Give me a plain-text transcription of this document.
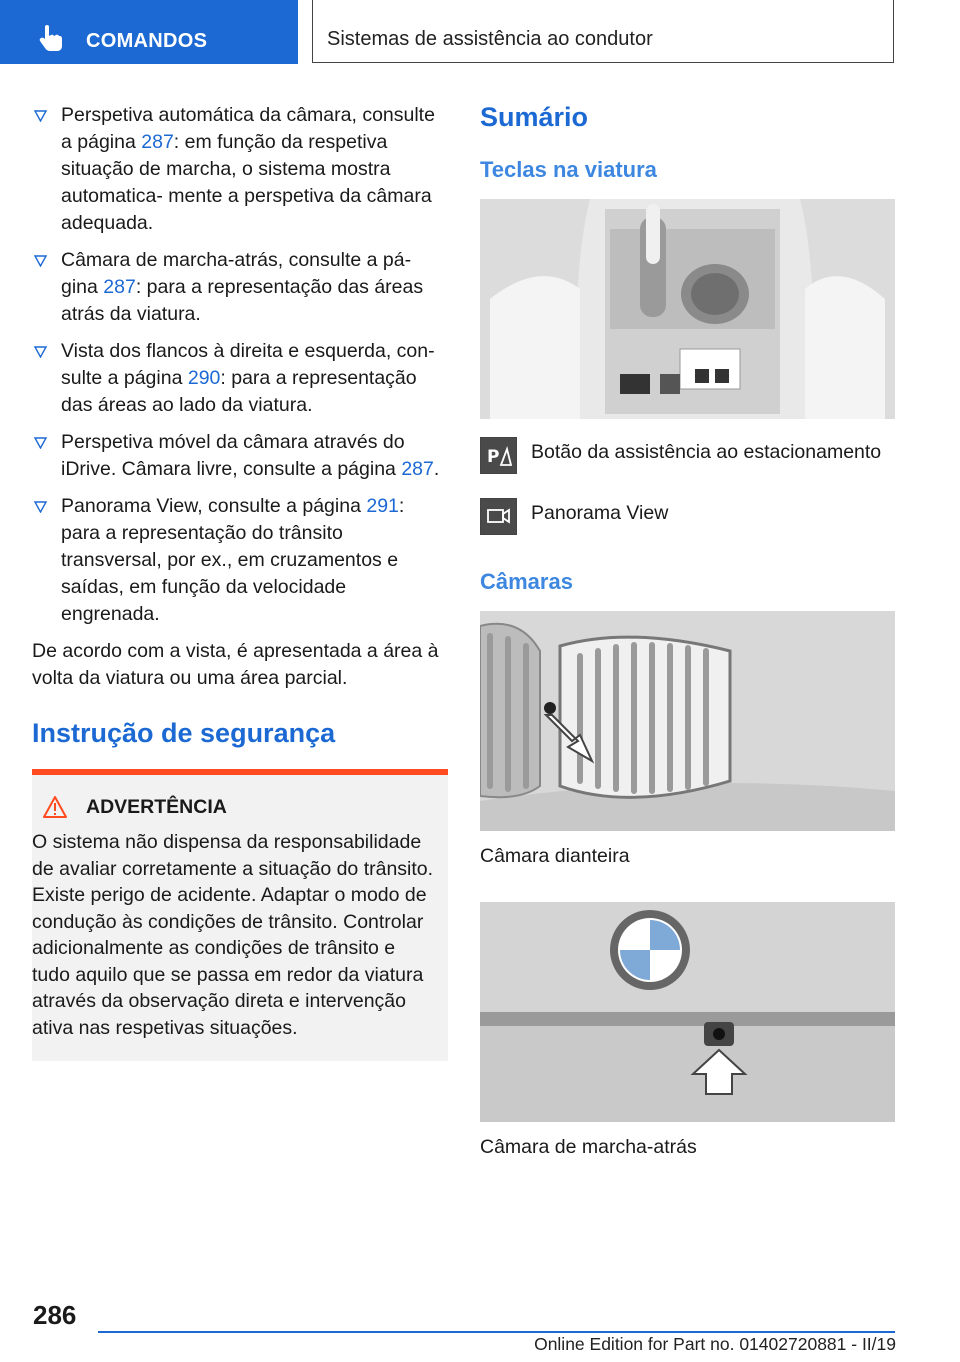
COMANDOS	Sistemas de assistência ao condutor
Perspetiva automática da câmara, consulte a página 287: em função da respetiva situação de marcha, o sistema mostra automatica‐ mente a perspetiva da câmara adequada.
Câmara de marcha-atrás, consulte a pá‐ gina 287: para a representação das áreas atrás da viatura.
Vista dos flancos à direita e esquerda, con‐ sulte a página 290: para a representação das áreas ao lado da viatura.
Perspetiva móvel da câmara através do iDrive. Câmara livre, consulte a página 287.
Panorama View, consulte a página 291: para a representação do trânsito transversal, por ex., em cruzamentos e saídas, em função da velocidade engrenada.
De acordo com a vista, é apresentada a área à volta da viatura ou uma área parcial.
Instrução de segurança
ADVERTÊNCIA
O sistema não dispensa da responsabilidade de avaliar corretamente a situação do trânsito. Existe perigo de acidente. Adaptar o modo de condução às condições de trânsito. Controlar adicionalmente as condições de trânsito e tudo aquilo que se passa em redor da viatura através da observação direta e intervenção ativa nas respetivas situações.
Sumário
Teclas na viatura
P Botão da assistência ao estacionamento
Panorama View
Câmaras
Câmara dianteira
Câmara de marcha-atrás
286
Online Edition for Part no. 01402720881 - II/19
